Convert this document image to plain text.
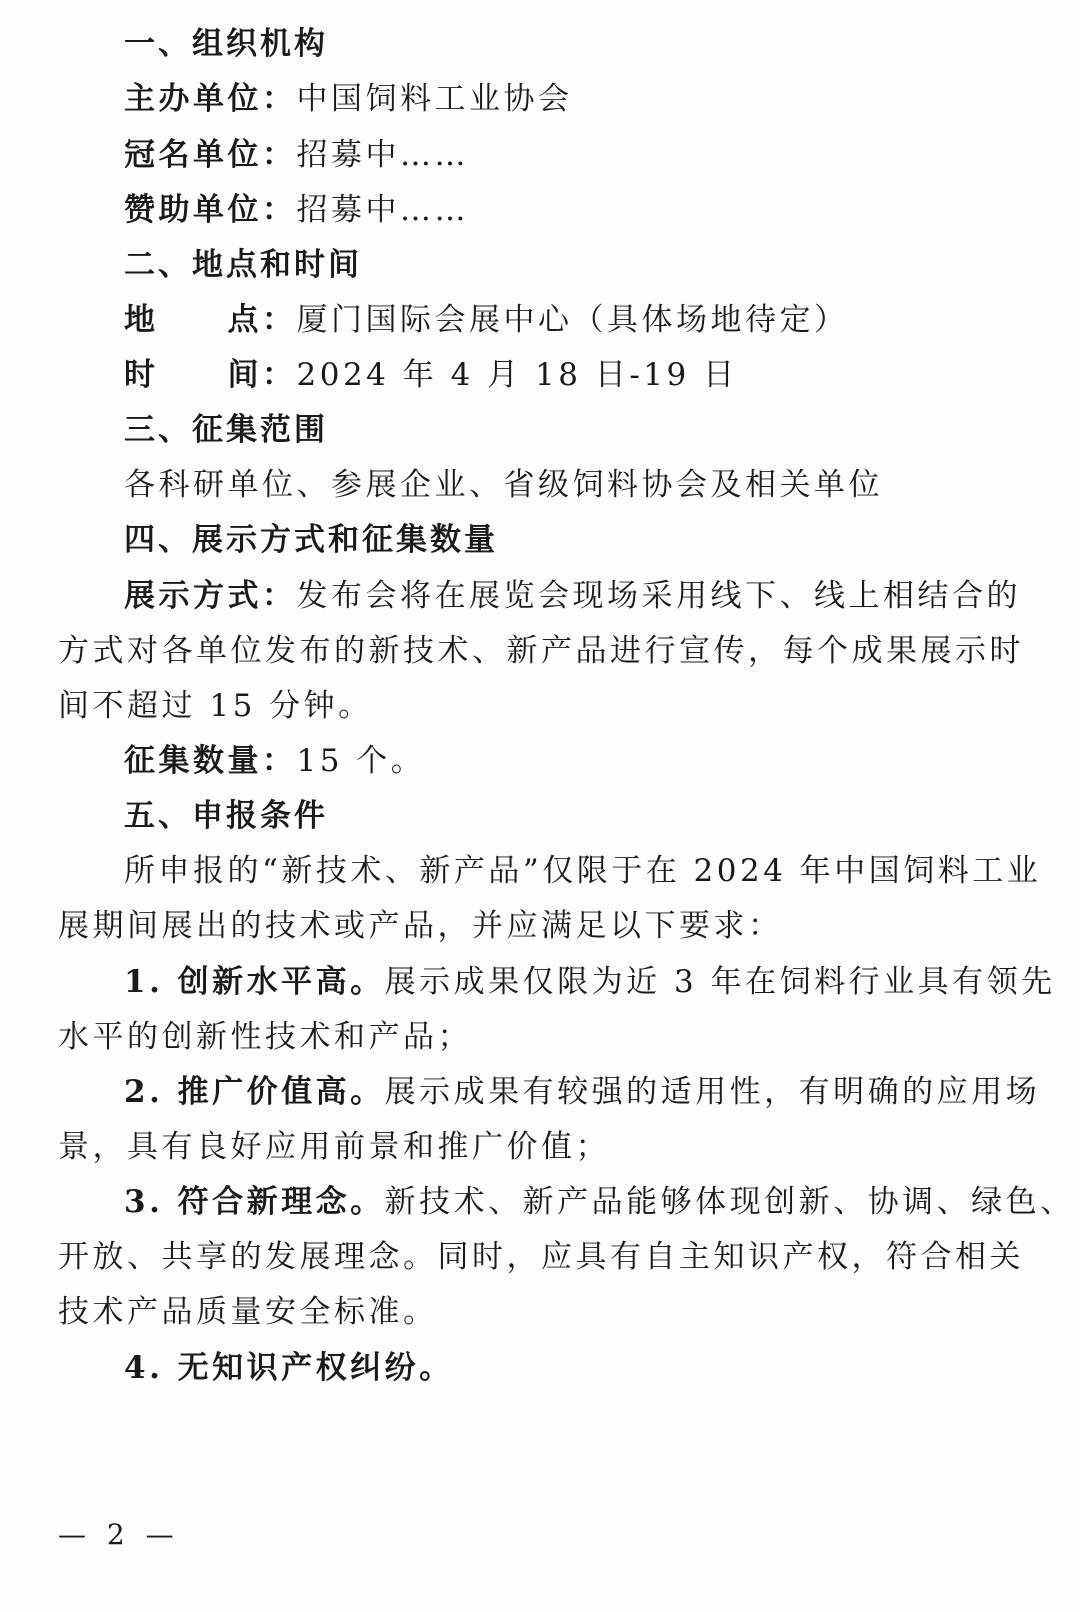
一、组织机构
主办单位：中国饲料工业协会
冠名单位：招募中……
赞助单位：招募中……
二、地点和时间
地　　点：厦门国际会展中心（具体场地待定）
时　　间：2024 年 4 月 18 日-19 日
三、征集范围
各科研单位、参展企业、省级饲料协会及相关单位
四、展示方式和征集数量
展示方式：发布会将在展览会现场采用线下、线上相结合的
方式对各单位发布的新技术、新产品进行宣传，每个成果展示时
间不超过 15 分钟。
征集数量：15 个。
五、申报条件
所申报的“新技术、新产品”仅限于在 2024 年中国饲料工业
展期间展出的技术或产品，并应满足以下要求：
1. 创新水平高。展示成果仅限为近 3 年在饲料行业具有领先
水平的创新性技术和产品；
2. 推广价值高。展示成果有较强的适用性，有明确的应用场
景，具有良好应用前景和推广价值；
3. 符合新理念。新技术、新产品能够体现创新、协调、绿色、
开放、共享的发展理念。同时，应具有自主知识产权，符合相关
技术产品质量安全标准。
4. 无知识产权纠纷。
— 2 —
